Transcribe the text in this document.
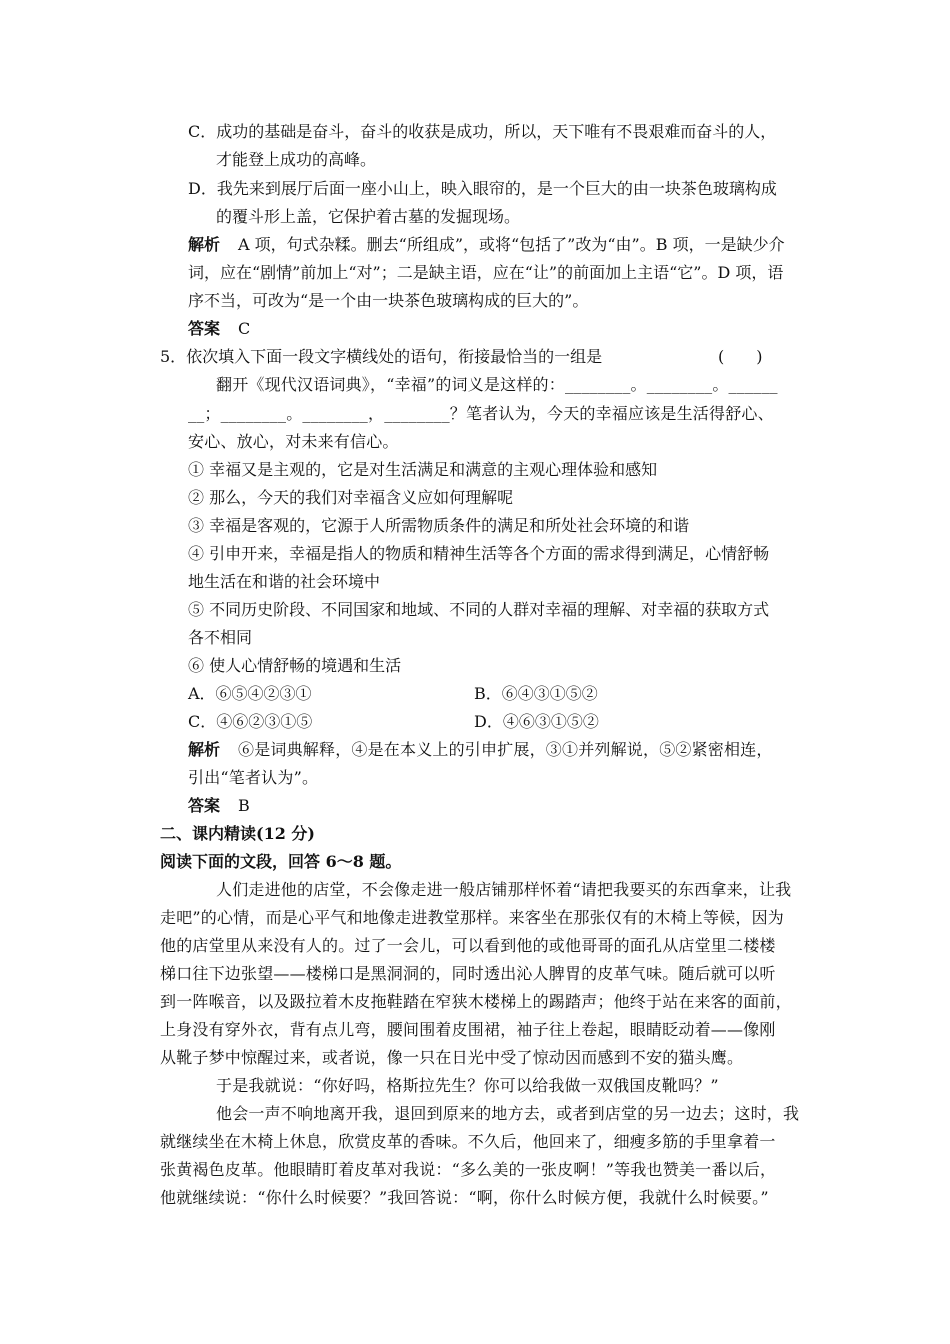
C．成功的基础是奋斗，奋斗的收获是成功，所以，天下唯有不畏艰难而奋斗的人，
才能登上成功的高峰。
D．我先来到展厅后面一座小山上，映入眼帘的，是一个巨大的由一块茶色玻璃构成
的覆斗形上盖，它保护着古墓的发掘现场。
解析 A 项，句式杂糅。删去“所组成”，或将“包括了”改为“由”。B 项，一是缺少介
词，应在“剧情”前加上“对”；二是缺主语，应在“让”的前面加上主语“它”。D 项，语
序不当，可改为“是一个由一块茶色玻璃构成的巨大的”。
答案 C
5．依次填入下面一段文字横线处的语句，衔接最恰当的一组是	(　　)
翻开《现代汉语词典》，“幸福”的词义是这样的：________。________。______
__；________。________，________？笔者认为，今天的幸福应该是生活得舒心、
安心、放心，对未来有信心。
① 幸福又是主观的，它是对生活满足和满意的主观心理体验和感知
② 那么，今天的我们对幸福含义应如何理解呢
③ 幸福是客观的，它源于人所需物质条件的满足和所处社会环境的和谐
④ 引申开来，幸福是指人的物质和精神生活等各个方面的需求得到满足，心情舒畅
地生活在和谐的社会环境中
⑤ 不同历史阶段、不同国家和地域、不同的人群对幸福的理解、对幸福的获取方式
各不相同
⑥ 使人心情舒畅的境遇和生活
A．⑥⑤④②③①	B．⑥④③①⑤②
C．④⑥②③①⑤	D．④⑥③①⑤②
解析 ⑥是词典解释，④是在本义上的引申扩展，③①并列解说，⑤②紧密相连，
引出“笔者认为”。
答案 B
二、课内精读(12 分)
阅读下面的文段，回答 6～8 题。
人们走进他的店堂，不会像走进一般店铺那样怀着“请把我要买的东西拿来，让我
走吧”的心情，而是心平气和地像走进教堂那样。来客坐在那张仅有的木椅上等候，因为
他的店堂里从来没有人的。过了一会儿，可以看到他的或他哥哥的面孔从店堂里二楼楼
梯口往下边张望——楼梯口是黑洞洞的，同时透出沁人脾胃的皮革气味。随后就可以听
到一阵喉音，以及趿拉着木皮拖鞋踏在窄狭木楼梯上的踢踏声；他终于站在来客的面前，
上身没有穿外衣，背有点儿弯，腰间围着皮围裙，袖子往上卷起，眼睛眨动着——像刚
从靴子梦中惊醒过来，或者说，像一只在日光中受了惊动因而感到不安的猫头鹰。
于是我就说：“你好吗，格斯拉先生？你可以给我做一双俄国皮靴吗？”
他会一声不响地离开我，退回到原来的地方去，或者到店堂的另一边去；这时，我
就继续坐在木椅上休息，欣赏皮革的香味。不久后，他回来了，细瘦多筋的手里拿着一
张黄褐色皮革。他眼睛盯着皮革对我说：“多么美的一张皮啊！”等我也赞美一番以后，
他就继续说：“你什么时候要？”我回答说：“啊，你什么时候方便，我就什么时候要。”
